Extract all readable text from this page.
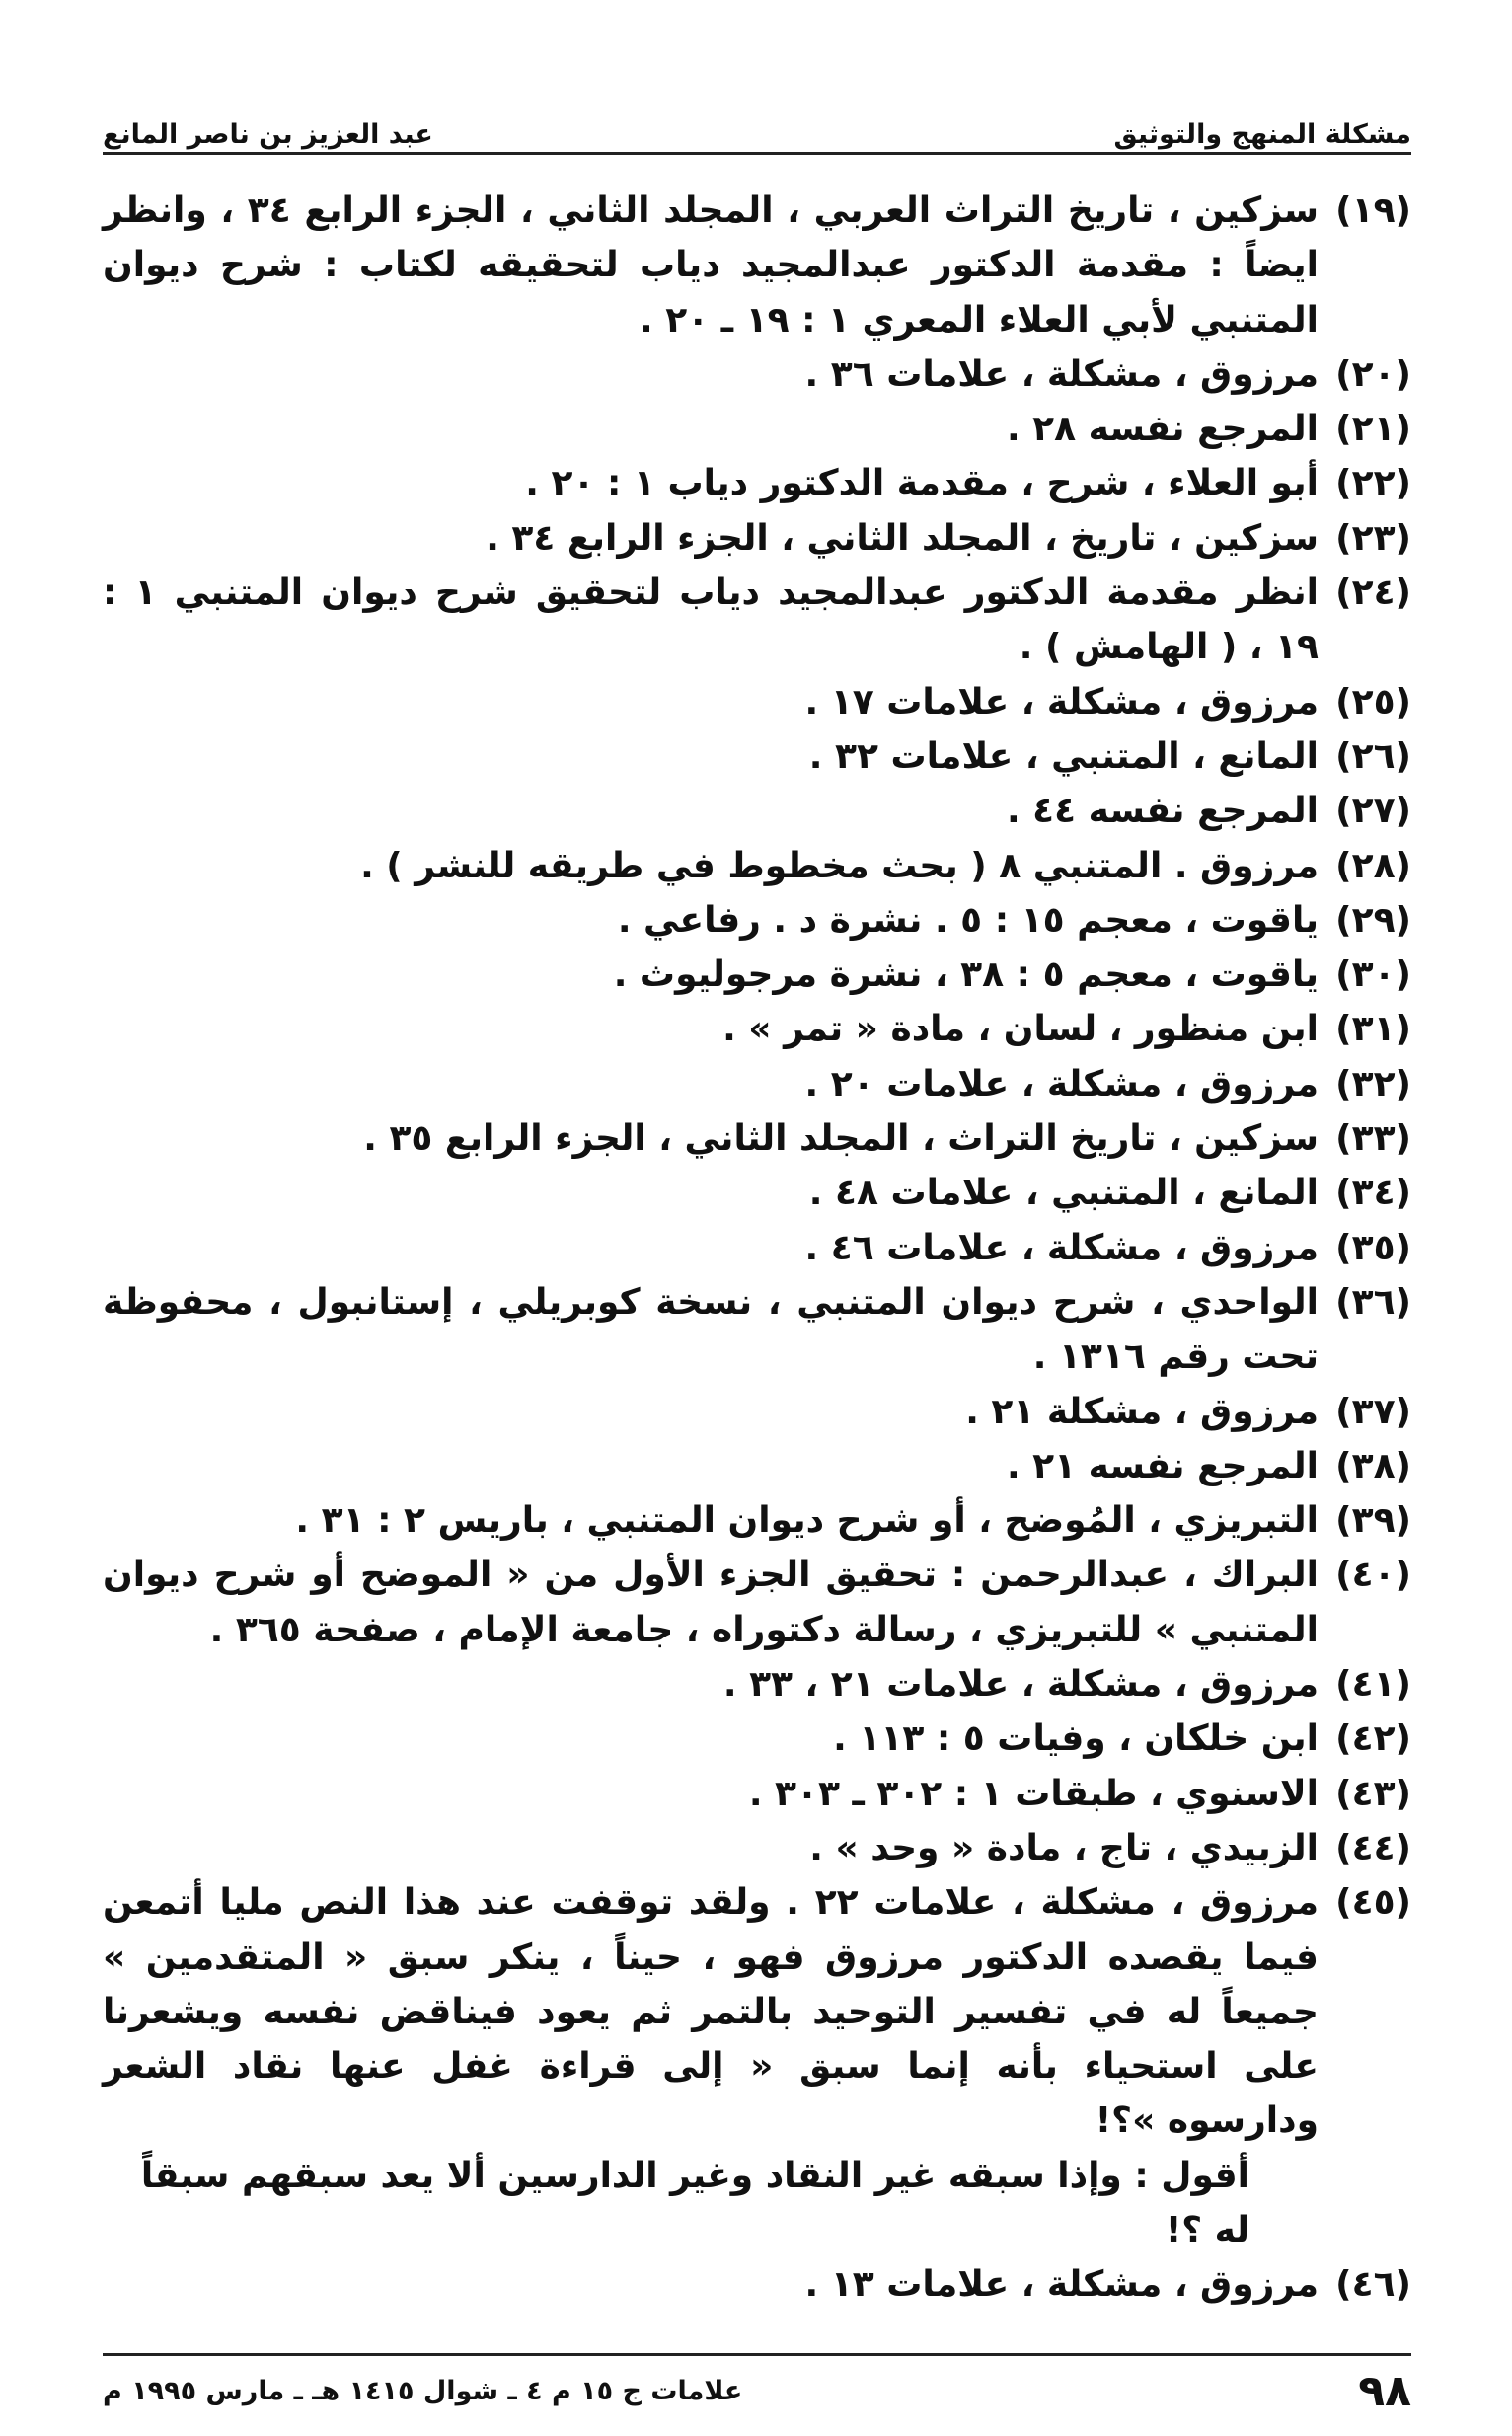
مشكلة المنهج والتوثيق
عبد العزيز بن ناصر المانع
(١٩)
سزكين ، تاريخ التراث العربي ، المجلد الثاني ، الجزء الرابع ٣٤ ، وانظر ايضاً : مقدمة الدكتور عبدالمجيد دياب لتحقيقه لكتاب : شرح ديوان المتنبي لأبي العلاء المعري ١ : ١٩ ـ ٢٠ .
(٢٠)
مرزوق ، مشكلة ، علامات ٣٦ .
(٢١)
المرجع نفسه ٢٨ .
(٢٢)
أبو العلاء ، شرح ، مقدمة الدكتور دياب ١ : ٢٠ .
(٢٣)
سزكين ، تاريخ ، المجلد الثاني ، الجزء الرابع ٣٤ .
(٢٤)
انظر مقدمة الدكتور عبدالمجيد دياب لتحقيق شرح ديوان المتنبي ١ : ١٩ ، ( الهامش ) .
(٢٥)
مرزوق ، مشكلة ، علامات ١٧ .
(٢٦)
المانع ، المتنبي ، علامات ٣٢ .
(٢٧)
المرجع نفسه ٤٤ .
(٢٨)
مرزوق . المتنبي ٨ ( بحث مخطوط في طريقه للنشر ) .
(٢٩)
ياقوت ، معجم ١٥ : ٥ . نشرة د . رفاعي .
(٣٠)
ياقوت ، معجم ٥ : ٣٨ ، نشرة مرجوليوث .
(٣١)
ابن منظور ، لسان ، مادة « تمر » .
(٣٢)
مرزوق ، مشكلة ، علامات ٢٠ .
(٣٣)
سزكين ، تاريخ التراث ، المجلد الثاني ، الجزء الرابع ٣٥ .
(٣٤)
المانع ، المتنبي ، علامات ٤٨ .
(٣٥)
مرزوق ، مشكلة ، علامات ٤٦ .
(٣٦)
الواحدي ، شرح ديوان المتنبي ، نسخة كوبريلي ، إستانبول ، محفوظة تحت رقم ١٣١٦ .
(٣٧)
مرزوق ، مشكلة ٢١ .
(٣٨)
المرجع نفسه ٢١ .
(٣٩)
التبريزي ، المُوضح ، أو شرح ديوان المتنبي ، باريس ٢ : ٣١ .
(٤٠)
البراك ، عبدالرحمن : تحقيق الجزء الأول من « الموضح أو شرح ديوان المتنبي » للتبريزي ، رسالة دكتوراه ، جامعة الإمام ، صفحة ٣٦٥ .
(٤١)
مرزوق ، مشكلة ، علامات ٢١ ، ٣٣ .
(٤٢)
ابن خلكان ، وفيات ٥ : ١١٣ .
(٤٣)
الاسنوي ، طبقات ١ : ٣٠٢ ـ ٣٠٣ .
(٤٤)
الزبيدي ، تاج ، مادة « وحد » .
(٤٥)
مرزوق ، مشكلة ، علامات ٢٢ . ولقد توقفت عند هذا النص مليا أتمعن فيما يقصده الدكتور مرزوق فهو ، حيناً ، ينكر سبق « المتقدمين » جميعاً له في تفسير التوحيد بالتمر ثم يعود فيناقض نفسه ويشعرنا على استحياء بأنه إنما سبق « إلى قراءة غفل عنها نقاد الشعر ودارسوه »؟!
أقول : وإذا سبقه غير النقاد وغير الدارسين ألا يعد سبقهم سبقاً له ؟!
(٤٦)
مرزوق ، مشكلة ، علامات ١٣ .
٩٨
علامات ج ١٥ م ٤ ـ شوال ١٤١٥ هـ ـ مارس ١٩٩٥ م
